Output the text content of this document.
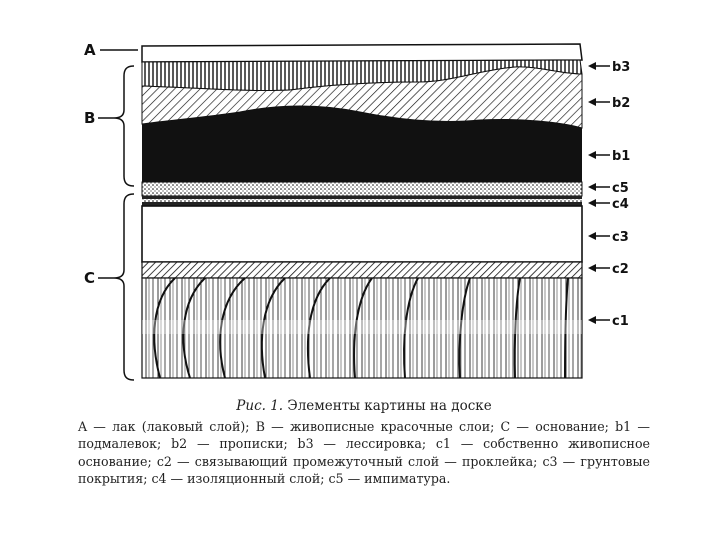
A
B
C
b3
b2
b1
c5
c4
c3
c2
c1
Рис. 1. Элементы картины на доске
A — лак (лаковый слой); B — живописные красочные слои; C — основание; b1 — подмалевок; b2 — прописки; b3 — лессировка; c1 — собственно живописное основание; c2 — связывающий промежуточный слой — проклейка; c3 — грунтовые покрытия; c4 — изоляционный слой; c5 — импиматура.
